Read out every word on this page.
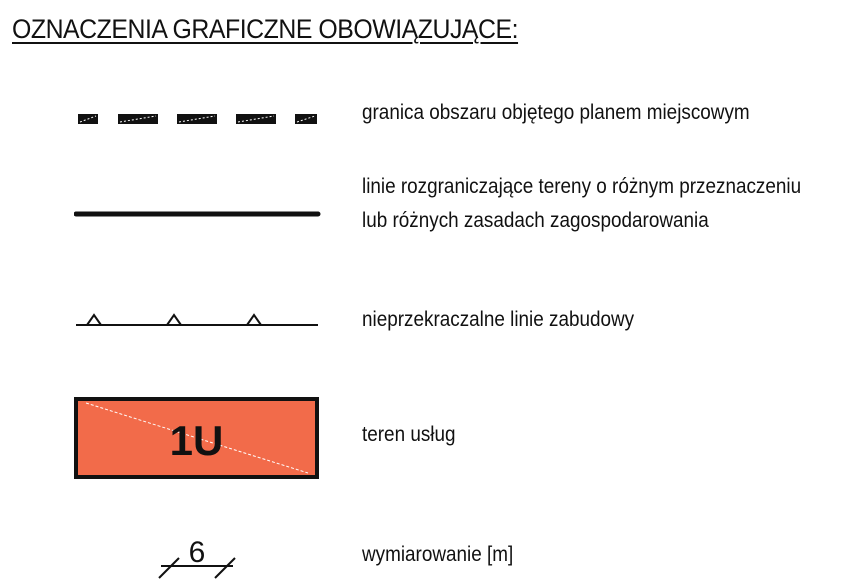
OZNACZENIA GRAFICZNE OBOWIĄZUJĄCE:
granica obszaru objętego planem miejscowym
linie rozgraniczające tereny o różnym przeznaczeniu
lub różnych zasadach zagospodarowania
nieprzekraczalne linie zabudowy
1U	teren usług
6	wymiarowanie [m]
